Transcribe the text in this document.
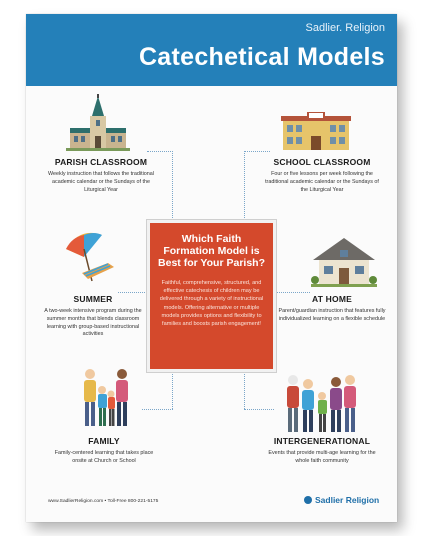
Sadlier. Religion
Catechetical Models
Which Faith Formation Model is Best for Your Parish?
Faithful, comprehensive, structured, and effective catechesis of children may be delivered through a variety of instructional models. Offering alternative or multiple models provides options and flexibility to families and boosts parish engagement!
PARISH CLASSROOM
Weekly instruction that follows the traditional academic calendar or the Sundays of the Liturgical Year
SCHOOL CLASSROOM
Four or five lessons per week following the traditional academic calendar or the Sundays of the Liturgical Year
SUMMER
A two-week intensive program during the summer months that blends classroom learning with group-based instructional activities
AT HOME
Parent/guardian instruction that features fully individualized learning on a flexible schedule
FAMILY
Family-centered learning that takes place onsite at Church or School
INTERGENERATIONAL
Events that provide multi-age learning for the whole faith community
www.SadlierReligion.com • Toll-Free 800-221-5175	Sadlier Religion
